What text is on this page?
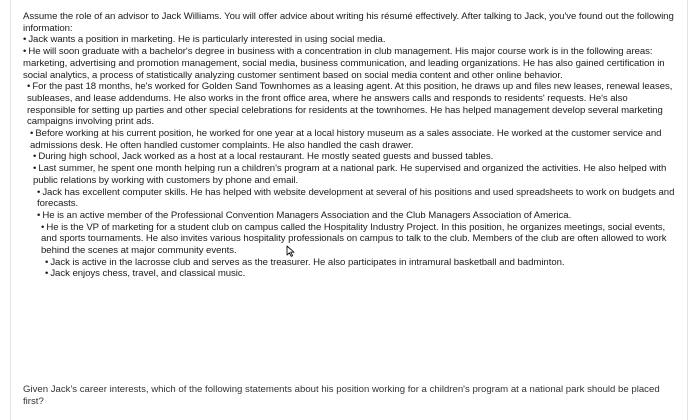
Assume the role of an advisor to Jack Williams. You will offer advice about writing his résumé effectively. After talking to Jack, you've found out the following information:

• Jack wants a position in marketing. He is particularly interested in using social media.
• He will soon graduate with a bachelor's degree in business with a concentration in club management. His major course work is in the following areas: marketing, advertising and promotion management, social media, business communication, and leading organizations. He has also gained certification in social analytics, a process of statistically analyzing customer sentiment based on social media content and other online behavior.
• For the past 18 months, he's worked for Golden Sand Townhomes as a leasing agent. At this position, he draws up and files new leases, renewal leases, subleases, and lease addendums. He also works in the front office area, where he answers calls and responds to residents' requests. He's also responsible for setting up parties and other special celebrations for residents at the townhomes. He has helped management develop several marketing campaigns involving print ads.
• Before working at his current position, he worked for one year at a local history museum as a sales associate. He worked at the customer service and admissions desk. He often handled customer complaints. He also handled the cash drawer.
• During high school, Jack worked as a host at a local restaurant. He mostly seated guests and bussed tables.
• Last summer, he spent one month helping run a children's program at a national park. He supervised and organized the activities. He also helped with public relations by working with customers by phone and email.
• Jack has excellent computer skills. He has helped with website development at several of his positions and used spreadsheets to work on budgets and forecasts.
• He is an active member of the Professional Convention Managers Association and the Club Managers Association of America.
• He is the VP of marketing for a student club on campus called the Hospitality Industry Project. In this position, he organizes meetings, social events, and sports tournaments. He also invites various hospitality professionals on campus to talk to the club. Members of the club are often allowed to work behind the scenes at major community events.
• Jack is active in the lacrosse club and serves as the treasurer. He also participates in intramural basketball and badminton.
• Jack enjoys chess, travel, and classical music.

Given Jack's career interests, which of the following statements about his position working for a children's program at a national park should be placed first?
